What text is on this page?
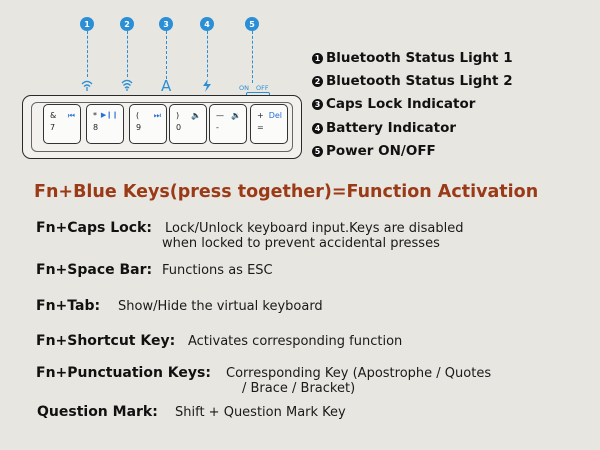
1	2	3	4	5
A	ON OFF
& ⏮
7
* ▶❙❙
8
( ⏭
9
) 🔈
0
— 🔉
-
+ Del
=
1 Bluetooth Status Light 1
2 Bluetooth Status Light 2
3 Caps Lock Indicator
4 Battery Indicator
5 Power ON/OFF
Fn+Blue Keys(press together)=Function Activation
Fn+Caps Lock: Lock/Unlock keyboard input.Keys are disabled
when locked to prevent accidental presses
Fn+Space Bar: Functions as ESC
Fn+Tab: Show/Hide the virtual keyboard
Fn+Shortcut Key: Activates corresponding function
Fn+Punctuation Keys: Corresponding Key (Apostrophe / Quotes
/ Brace / Bracket)
Question Mark: Shift + Question Mark Key
